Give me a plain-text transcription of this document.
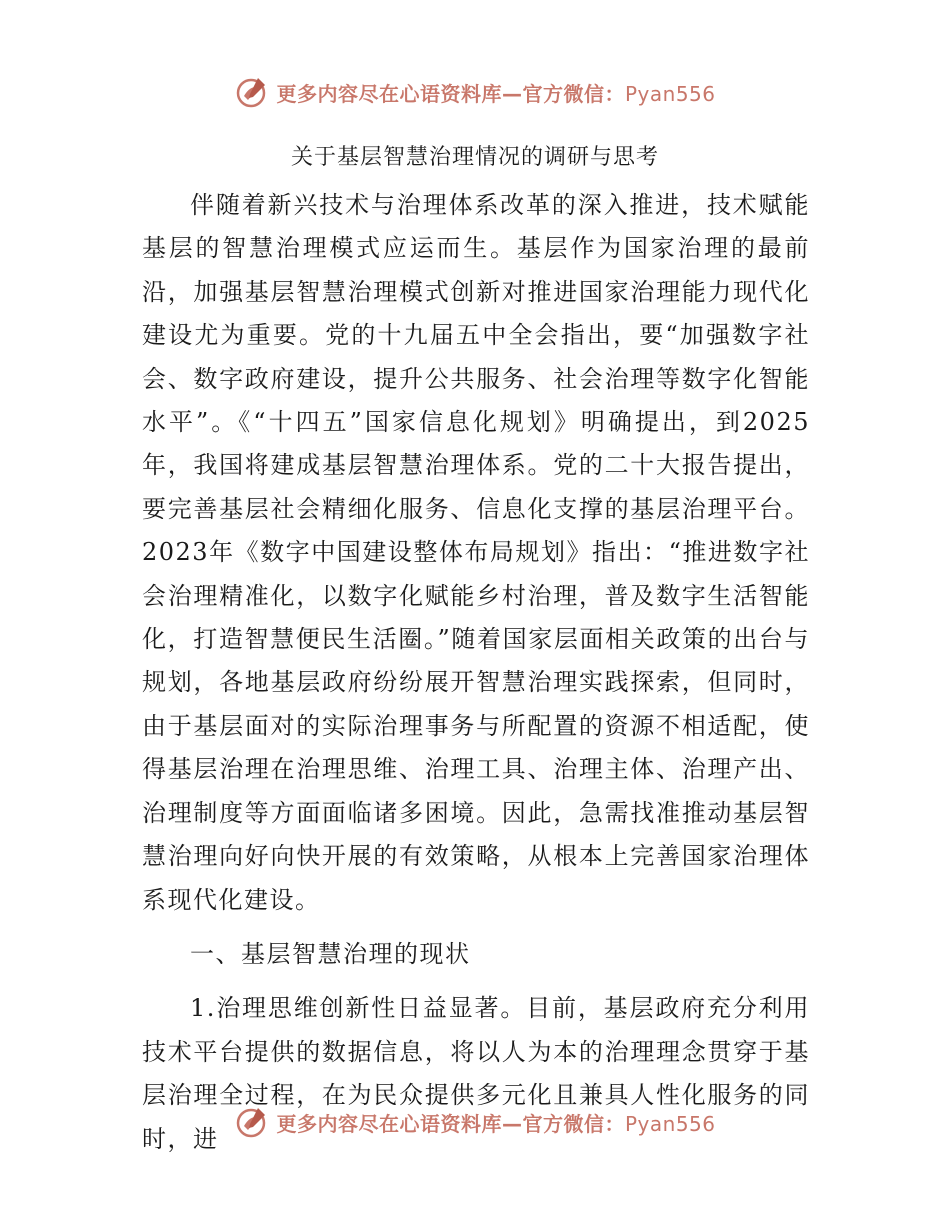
更多内容尽在心语资料库—官方微信：Pyan556
关于基层智慧治理情况的调研与思考

伴随着新兴技术与治理体系改革的深入推进，技术赋能基层的智慧治理模式应运而生。基层作为国家治理的最前沿，加强基层智慧治理模式创新对推进国家治理能力现代化建设尤为重要。党的十九届五中全会指出，要“加强数字社会、数字政府建设，提升公共服务、社会治理等数字化智能水平”。《“十四五”国家信息化规划》明确提出，到2025年，我国将建成基层智慧治理体系。党的二十大报告提出，要完善基层社会精细化服务、信息化支撑的基层治理平台。2023年《数字中国建设整体布局规划》指出：“推进数字社会治理精准化，以数字化赋能乡村治理，普及数字生活智能化，打造智慧便民生活圈。”随着国家层面相关政策的出台与规划，各地基层政府纷纷展开智慧治理实践探索，但同时，由于基层面对的实际治理事务与所配置的资源不相适配，使得基层治理在治理思维、治理工具、治理主体、治理产出、治理制度等方面面临诸多困境。因此，急需找准推动基层智慧治理向好向快开展的有效策略，从根本上完善国家治理体系现代化建设。

一、基层智慧治理的现状

1.治理思维创新性日益显著。目前，基层政府充分利用技术平台提供的数据信息，将以人为本的治理理念贯穿于基层治理全过程，在为民众提供多元化且兼具人性化服务的同时，进

更多内容尽在心语资料库—官方微信：Pyan556
